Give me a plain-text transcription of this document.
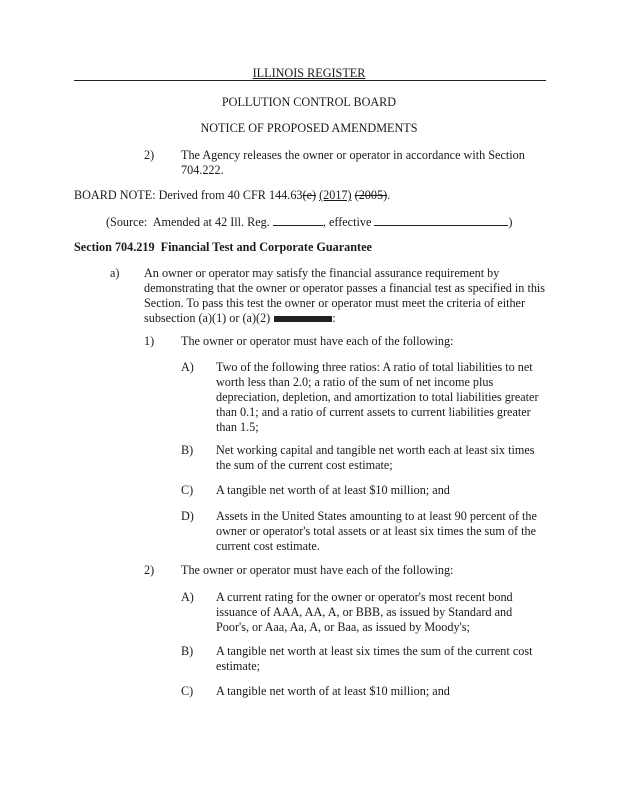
ILLINOIS REGISTER
POLLUTION CONTROL BOARD
NOTICE OF PROPOSED AMENDMENTS
2) The Agency releases the owner or operator in accordance with Section 704.222.
BOARD NOTE: Derived from 40 CFR 144.63(e) (2017) (2005).
(Source:  Amended at 42 Ill. Reg.	, effective	)
Section 704.219 Financial Test and Corporate Guarantee
a) An owner or operator may satisfy the financial assurance requirement by
demonstrating that the owner or operator passes a financial test as specified in this
Section. To pass this test the owner or operator must meet the criteria of either
subsection (a)(1) or (a)(2)	:
1) The owner or operator must have each of the following:
A) Two of the following three ratios: A ratio of total liabilities to net
worth less than 2.0; a ratio of the sum of net income plus
depreciation, depletion, and amortization to total liabilities greater
than 0.1; and a ratio of current assets to current liabilities greater
than 1.5;
B) Net working capital and tangible net worth each at least six times
the sum of the current cost estimate;
C) A tangible net worth of at least $10 million; and
D) Assets in the United States amounting to at least 90 percent of the
owner or operator's total assets or at least six times the sum of the
current cost estimate.
2) The owner or operator must have each of the following:
A) A current rating for the owner or operator's most recent bond
issuance of AAA, AA, A, or BBB, as issued by Standard and
Poor's, or Aaa, Aa, A, or Baa, as issued by Moody's;
B) A tangible net worth at least six times the sum of the current cost
estimate;
C) A tangible net worth of at least $10 million; and
